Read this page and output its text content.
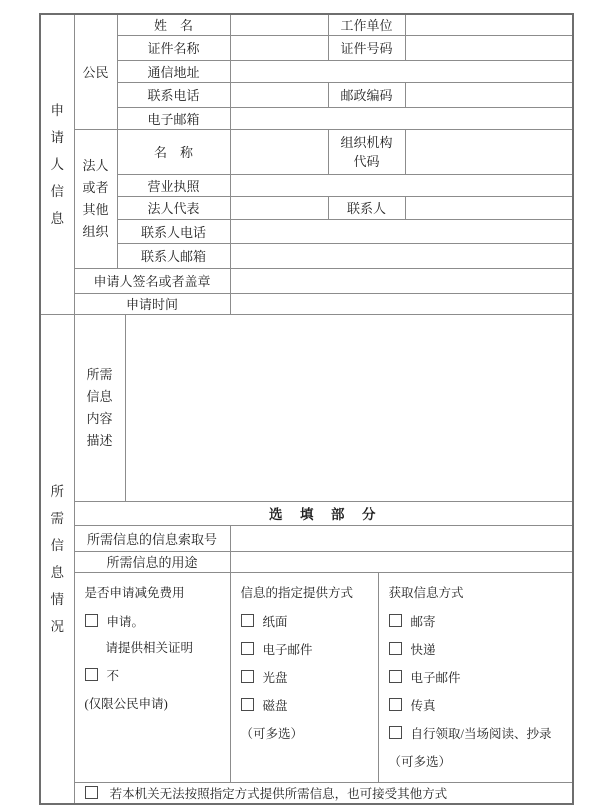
申请人信息	公民	姓　名			工作单位		
		证件名称			证件号码		
		通信地址					
		联系电话			邮政编码		
		电子邮箱					

	法人或者其他组织	名　称			组织机构代码		

		营业执照					
		法人代表			联系人		
		联系人电话					
		联系人邮箱					
	申请人签名或者盖章						
	申请时间						

所需信息情况	所需信息内容描述						

	选　填　部　分						
	所需信息的信息索取号						
	所需信息的用途						

是否申请减免费用
申请。
请提供相关证明
不
(仅限公民申请)

信息的指定提供方式
纸面
电子邮件
光盘
磁盘
（可多选）

获取信息方式
邮寄
快递
电子邮件
传真
自行领取/当场阅读、抄录
（可多选）

	若本机关无法按照指定方式提供所需信息，也可接受其他方式						
